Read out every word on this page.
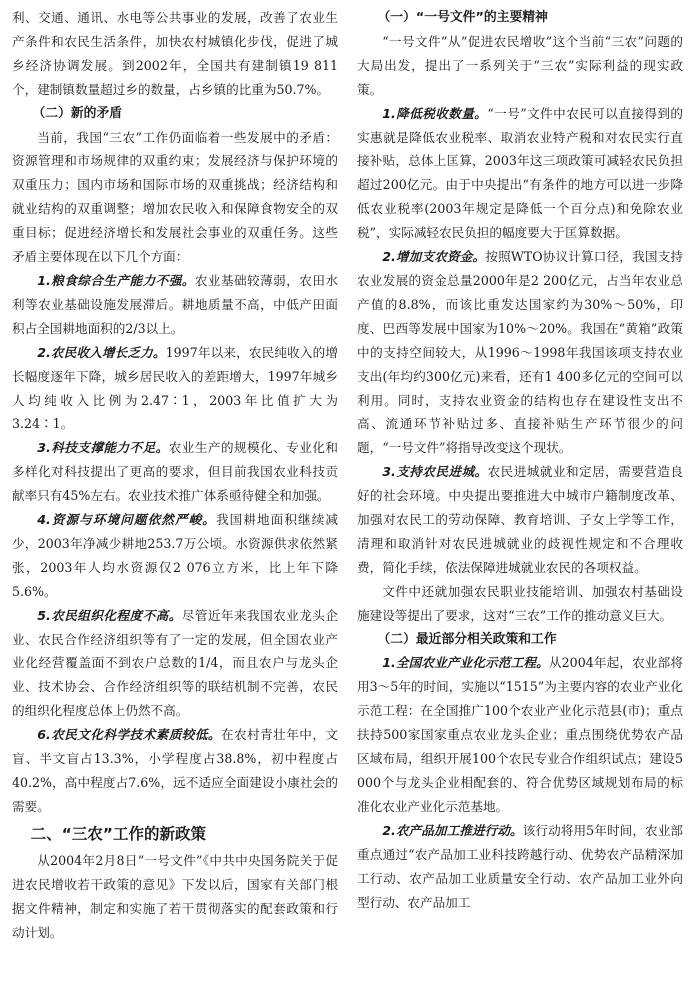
利、交通、通讯、水电等公共事业的发展，改善了农业生产条件和农民生活条件，加快农村城镇化步伐，促进了城乡经济协调发展。到2002年，全国共有建制镇19 811个，建制镇数量超过乡的数量，占乡镇的比重为50.7%。

（二）新的矛盾

当前，我国“三农”工作仍面临着一些发展中的矛盾：资源管理和市场规律的双重约束；发展经济与保护环境的双重压力；国内市场和国际市场的双重挑战；经济结构和就业结构的双重调整；增加农民收入和保障食物安全的双重目标；促进经济增长和发展社会事业的双重任务。这些矛盾主要体现在以下几个方面：

1.粮食综合生产能力不强。农业基础较薄弱，农田水利等农业基础设施发展滞后。耕地质量不高，中低产田面积占全国耕地面积的2/3以上。

2.农民收入增长乏力。1997年以来，农民纯收入的增长幅度逐年下降，城乡居民收入的差距增大，1997年城乡人均纯收入比例为2.47∶1，2003年比值扩大为3.24∶1。

3.科技支撑能力不足。农业生产的规模化、专业化和多样化对科技提出了更高的要求，但目前我国农业科技贡献率只有45%左右。农业技术推广体系亟待健全和加强。

4.资源与环境问题依然严峻。我国耕地面积继续减少，2003年净减少耕地253.7万公顷。水资源供求依然紧张，2003年人均水资源仅2 076立方米，比上年下降5.6%。

5.农民组织化程度不高。尽管近年来我国农业龙头企业、农民合作经济组织等有了一定的发展，但全国农业产业化经营覆盖面不到农户总数的1/4，而且农户与龙头企业、技术协会、合作经济组织等的联结机制不完善，农民的组织化程度总体上仍然不高。

6.农民文化科学技术素质较低。在农村青壮年中，文盲、半文盲占13.3%，小学程度占38.8%，初中程度占40.2%，高中程度占7.6%，远不适应全面建设小康社会的需要。

二、“三农”工作的新政策

从2004年2月8日“一号文件”《中共中央国务院关于促进农民增收若干政策的意见》下发以后，国家有关部门根据文件精神，制定和实施了若干贯彻落实的配套政策和行动计划。

（一）“一号文件”的主要精神

“一号文件”从“促进农民增收”这个当前“三农”问题的大局出发，提出了一系列关于“三农”实际利益的现实政策。

1.降低税收数量。“一号”文件中农民可以直接得到的实惠就是降低农业税率、取消农业特产税和对农民实行直接补贴，总体上匡算，2003年这三项政策可减轻农民负担超过200亿元。由于中央提出“有条件的地方可以进一步降低农业税率(2003年规定是降低一个百分点)和免除农业税”，实际减轻农民负担的幅度要大于匡算数据。

2.增加支农资金。按照WTO协议计算口径，我国支持农业发展的资金总量2000年是2 200亿元，占当年农业总产值的8.8%，而该比重发达国家约为30%～50%，印度、巴西等发展中国家为10%～20%。我国在“黄箱”政策中的支持空间较大，从1996～1998年我国该项支持农业支出(年均约300亿元)来看，还有1 400多亿元的空间可以利用。同时，支持农业资金的结构也存在建设性支出不高、流通环节补贴过多、直接补贴生产环节很少的问题，“一号文件”将指导改变这个现状。

3.支持农民进城。农民进城就业和定居，需要营造良好的社会环境。中央提出要推进大中城市户籍制度改革、加强对农民工的劳动保障、教育培训、子女上学等工作，清理和取消针对农民进城就业的歧视性规定和不合理收费，简化手续，依法保障进城就业农民的各项权益。

文件中还就加强农民职业技能培训、加强农村基础设施建设等提出了要求，这对“三农”工作的推动意义巨大。

（二）最近部分相关政策和工作

1.全国农业产业化示范工程。从2004年起，农业部将用3～5年的时间，实施以“1515”为主要内容的农业产业化示范工程：在全国推广100个农业产业化示范县(市)；重点扶持500家国家重点农业龙头企业；重点围绕优势农产品区域布局，组织开展100个农民专业合作组织试点；建设5 000个与龙头企业相配套的、符合优势区域规划布局的标准化农业产业化示范基地。

2.农产品加工推进行动。该行动将用5年时间，农业部重点通过“农产品加工业科技跨越行动、优势农产品精深加工行动、农产品加工业质量安全行动、农产品加工业外向型行动、农产品加工
